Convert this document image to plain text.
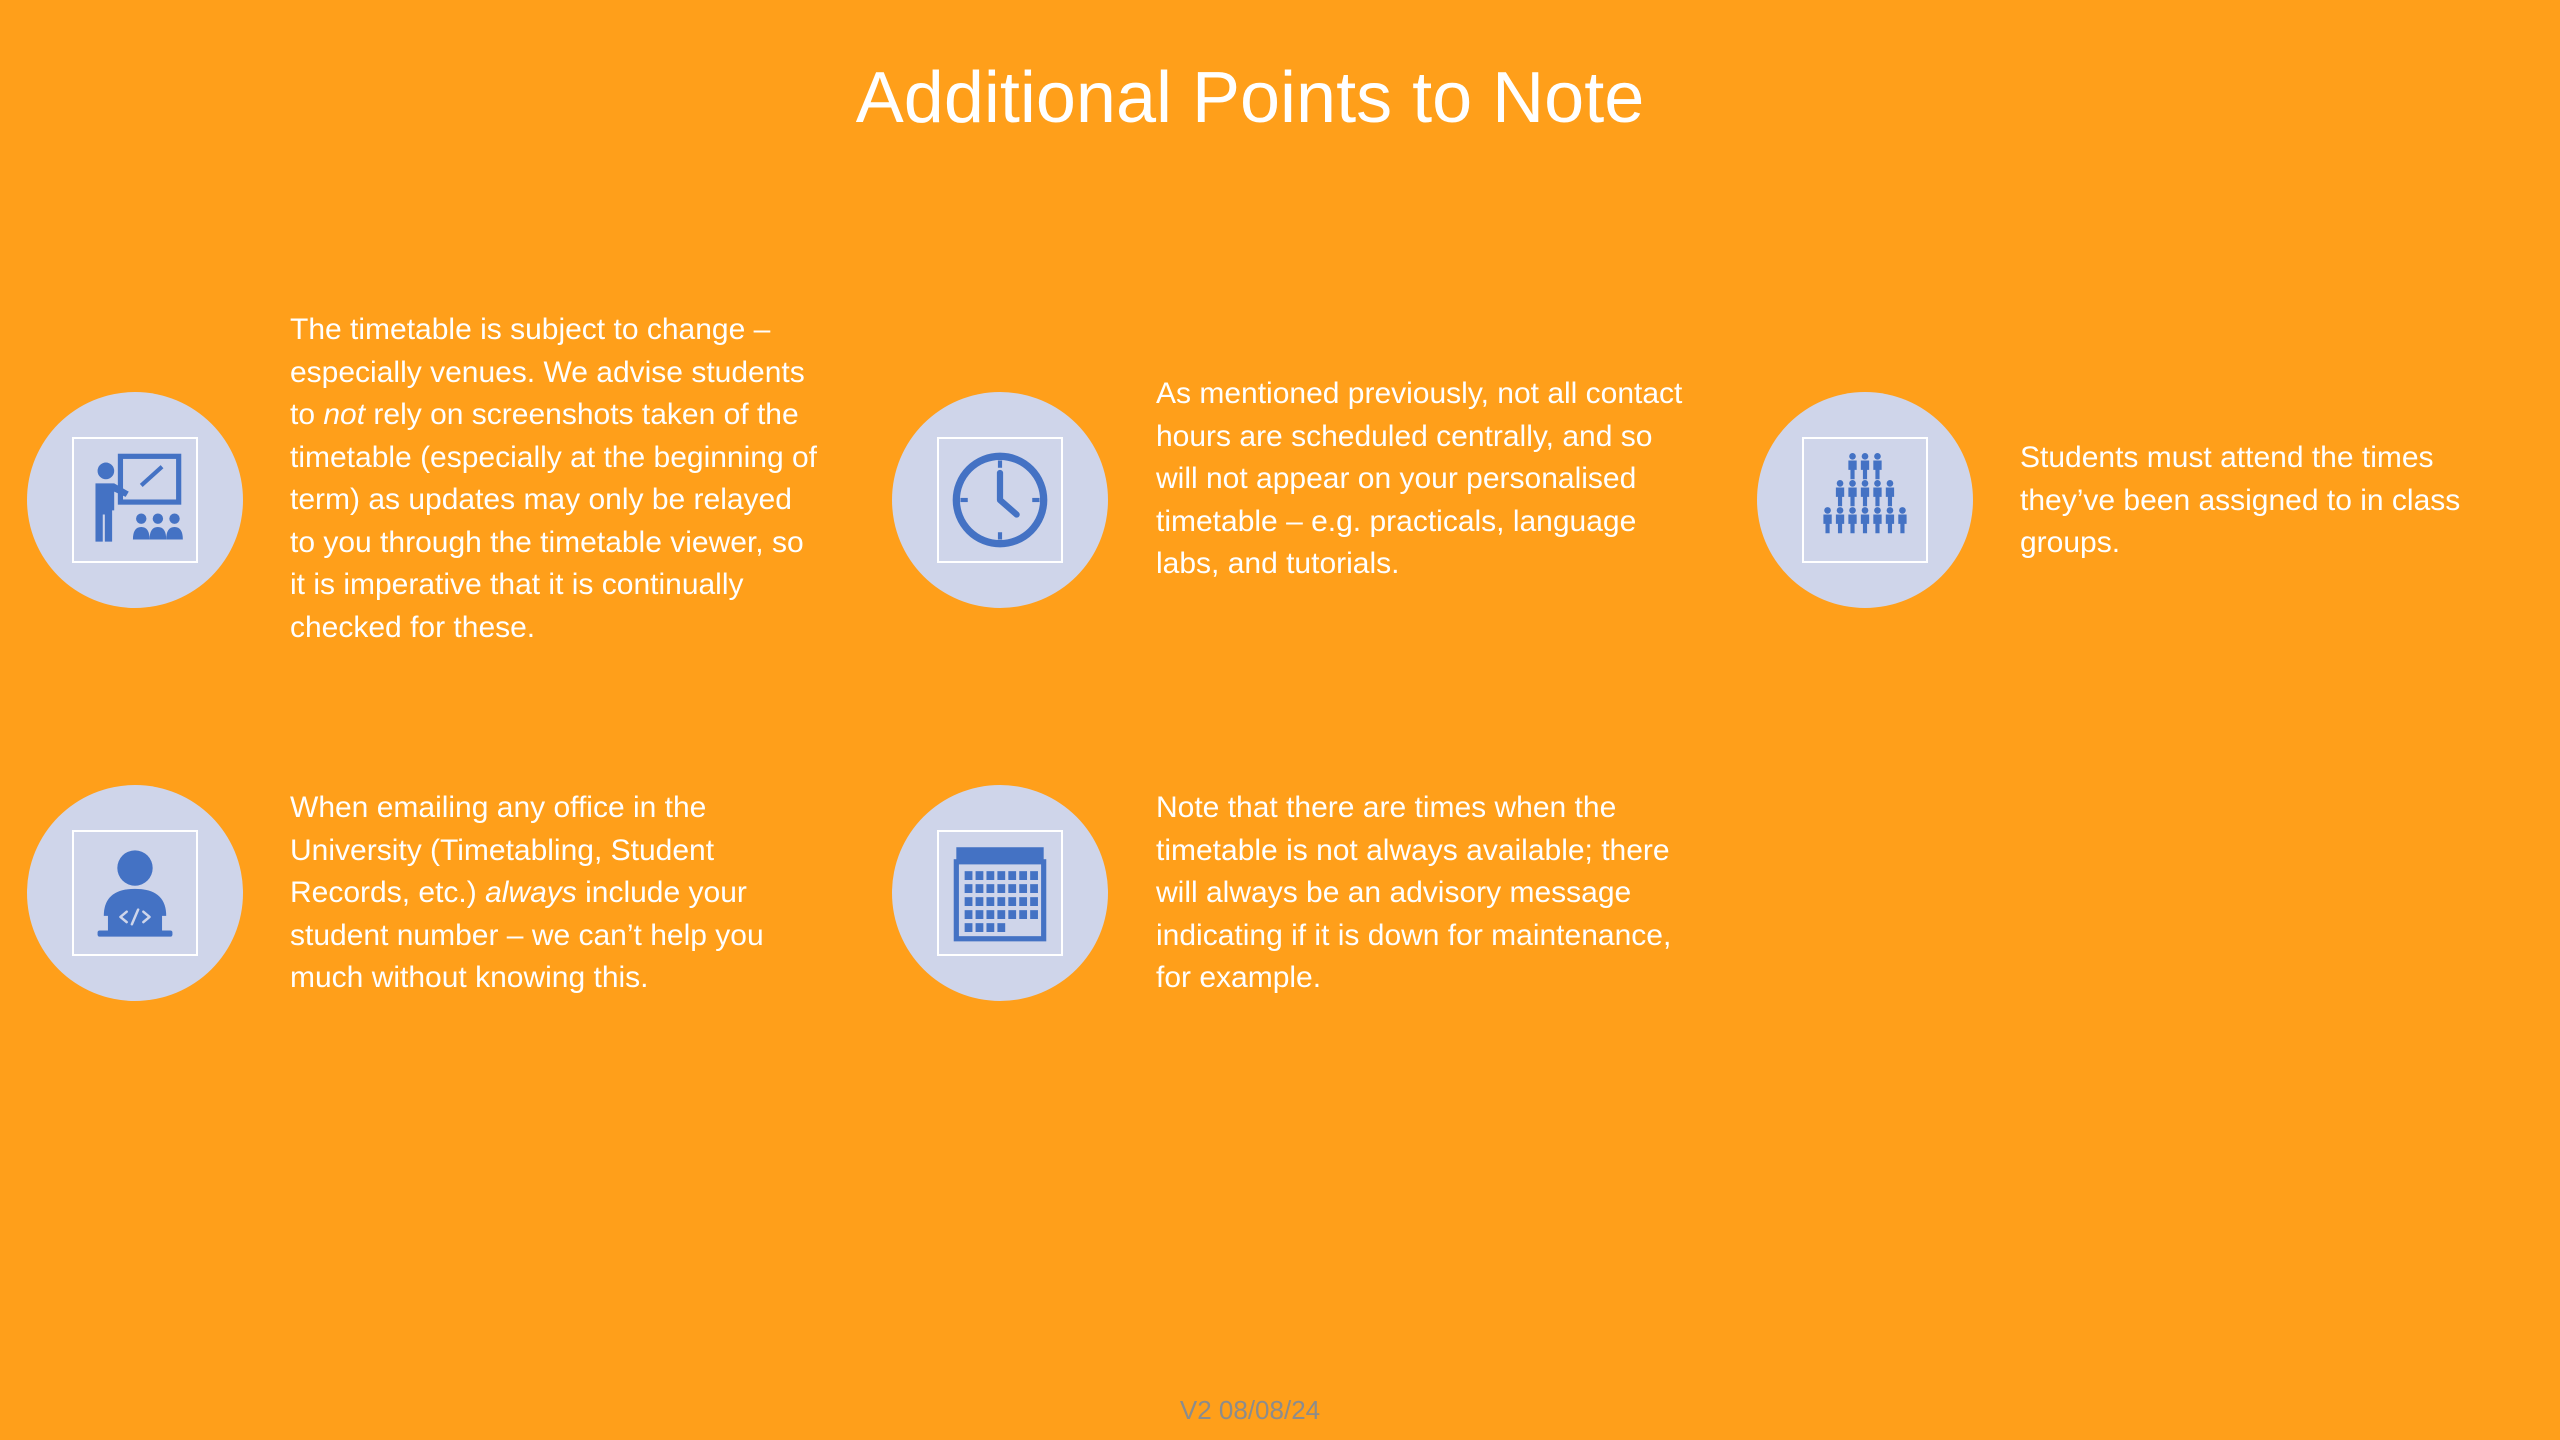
Additional Points to Note
The timetable is subject to change – especially venues. We advise students to not rely on screenshots taken of the timetable (especially at the beginning of term) as updates may only be relayed to you through the timetable viewer, so it is imperative that it is continually checked for these.
As mentioned previously, not all contact hours are scheduled centrally, and so will not appear on your personalised timetable – e.g. practicals, language labs, and tutorials.
Students must attend the times they’ve been assigned to in class groups.
When emailing any office in the University (Timetabling, Student Records, etc.) always include your student number – we can’t help you much without knowing this.
Note that there are times when the timetable is not always available; there will always be an advisory message indicating if it is down for maintenance, for example.
V2 08/08/24
